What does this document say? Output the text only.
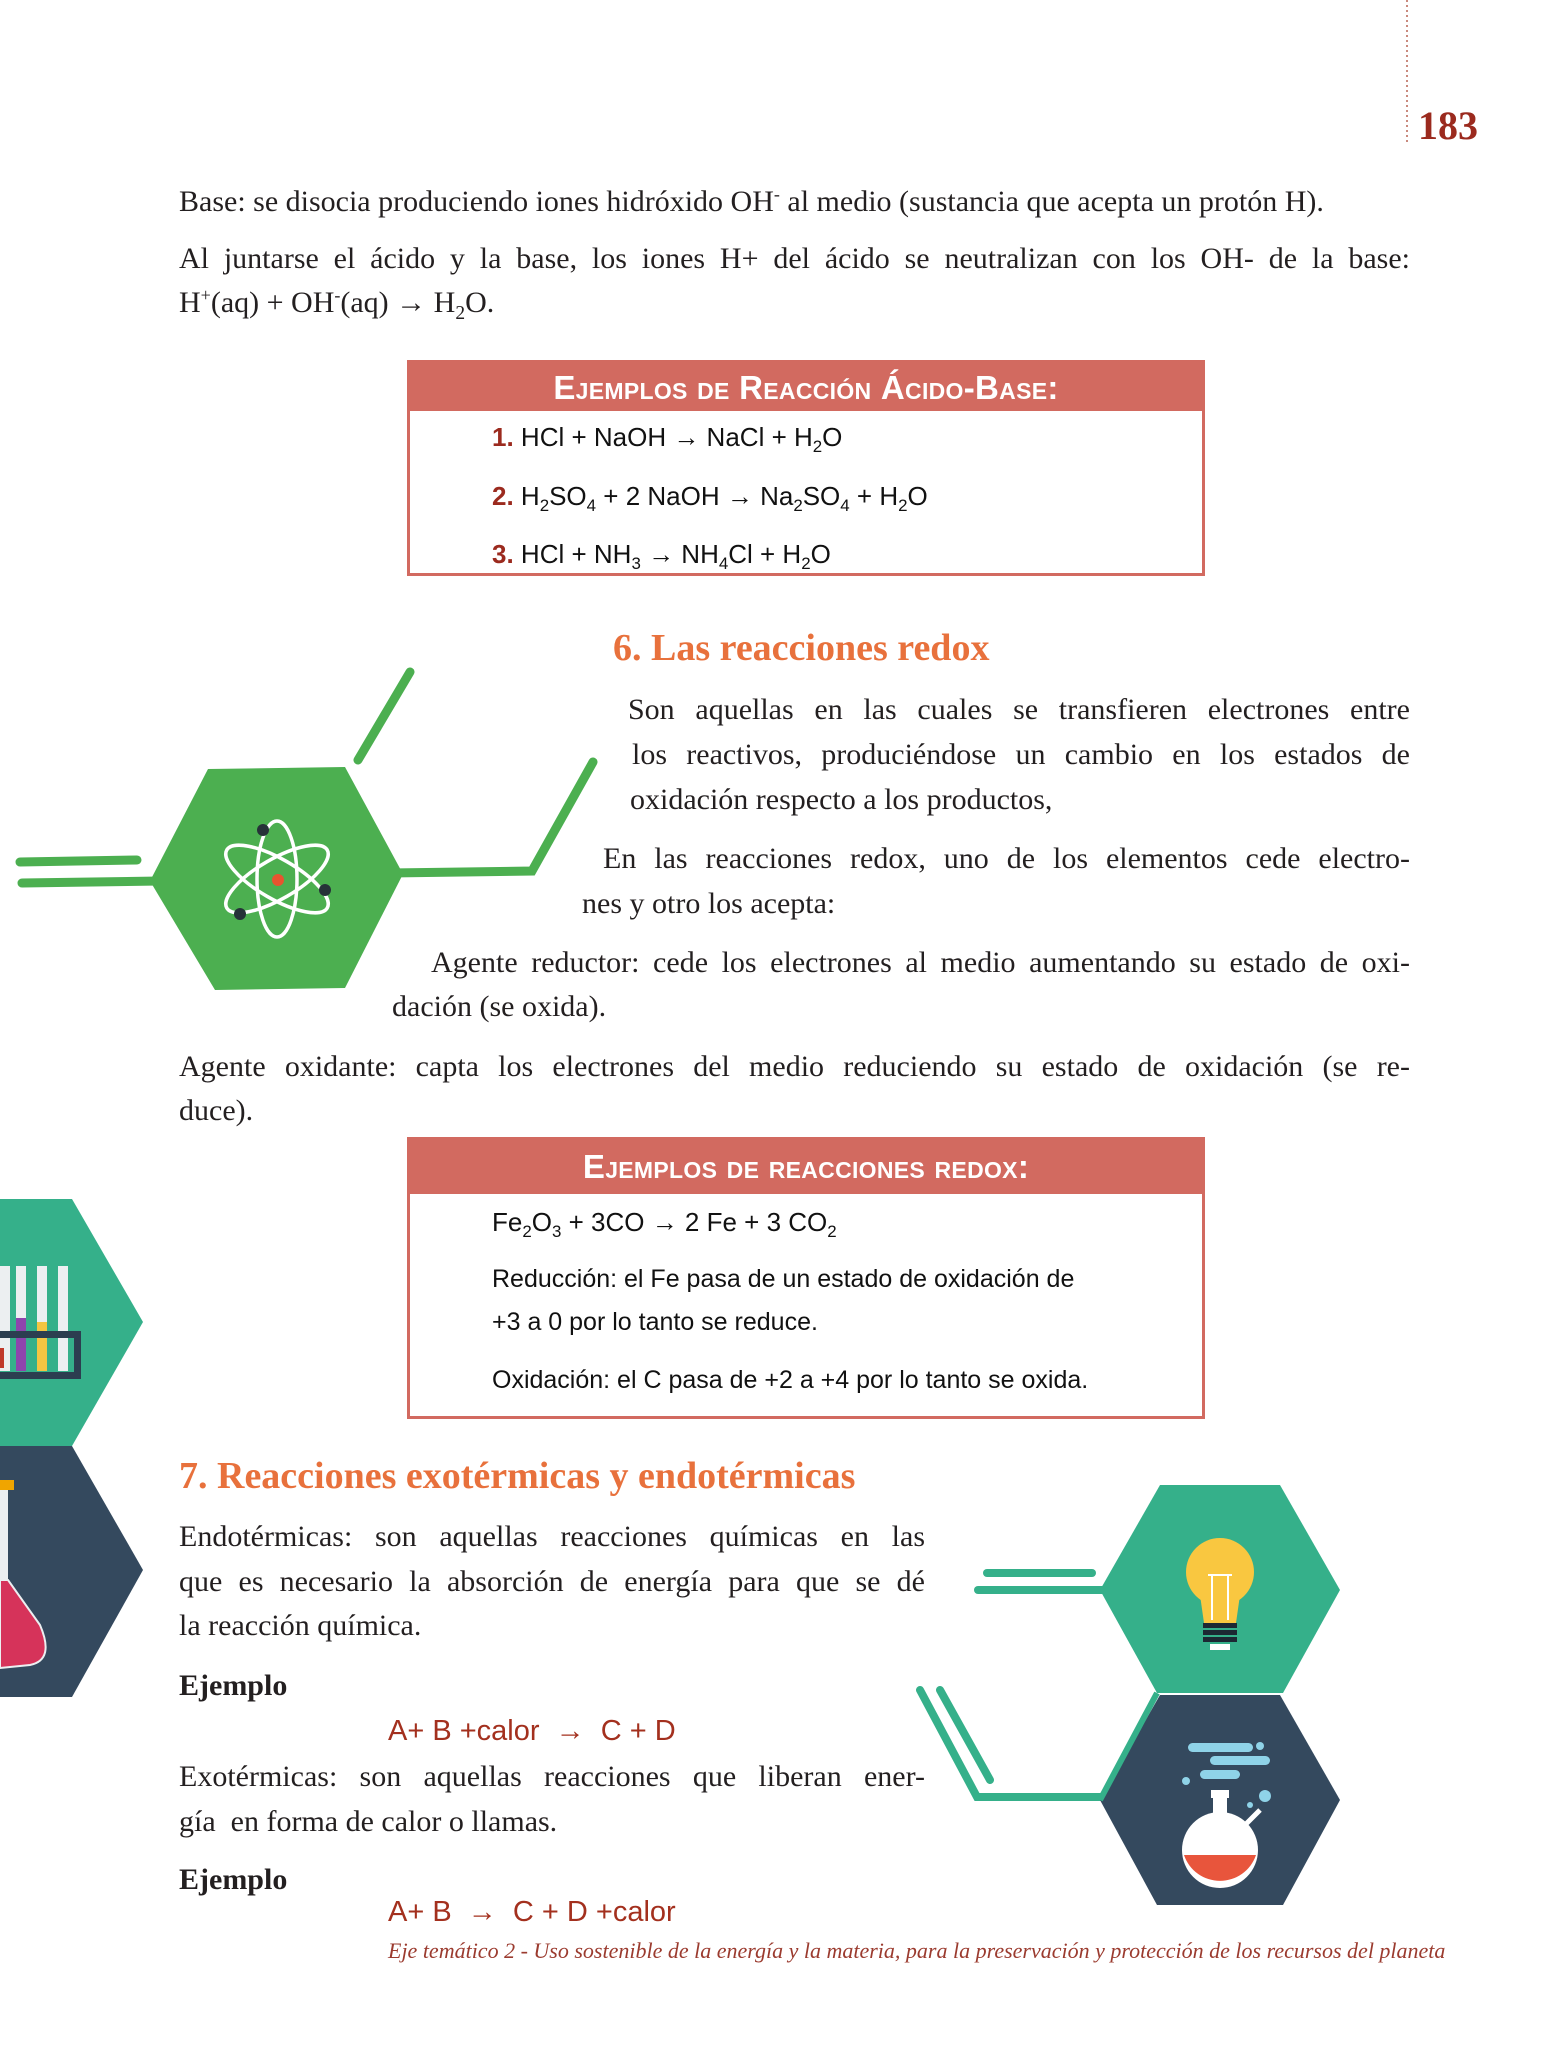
183
Base: se disocia produciendo iones hidróxido OH- al medio (sustancia que acepta un protón H).
Al juntarse el ácido y la base, los iones H+ del ácido se neutralizan con los OH- de la base:
$H^+(aq) + OH^-(aq) \to H_2O$.
Ejemplos de Reacción Ácido-Base:
1. HCl + NaOH → NaCl + $H_2O$
2. $H_2SO_4 + 2$ NaOH → $Na_2SO_4 + H_2O$
3. HCl + $NH_3 \to NH_4Cl + H_2O$
6. Las reacciones redox
Son aquellas en las cuales se transfieren electrones entre
los reactivos, produciéndose un cambio en los estados de
oxidación respecto a los productos,
En las reacciones redox, uno de los elementos cede electro-
nes y otro los acepta:
Agente reductor: cede los electrones al medio aumentando su estado de oxi-
dación (se oxida).
Agente oxidante: capta los electrones del medio reduciendo su estado de oxidación (se re-
duce).
Ejemplos de reacciones redox:
$Fe_2O_3 + 3CO \to 2$ Fe + 3 $CO_2$
Reducción: el Fe pasa de un estado de oxidación de
+3 a 0 por lo tanto se reduce.
Oxidación: el C pasa de +2 a +4 por lo tanto se oxida.
7. Reacciones exotérmicas y endotérmicas
Endotérmicas: son aquellas reacciones químicas en las
que es necesario la absorción de energía para que se dé
la reacción química.
Ejemplo
A+ B +calor  →  C + D
Exotérmicas: son aquellas reacciones que liberan ener-
gía  en forma de calor o llamas.
Ejemplo
A+ B  →  C + D +calor
Eje temático 2 - Uso sostenible de la energía y la materia, para la preservación y protección de los recursos del planeta
